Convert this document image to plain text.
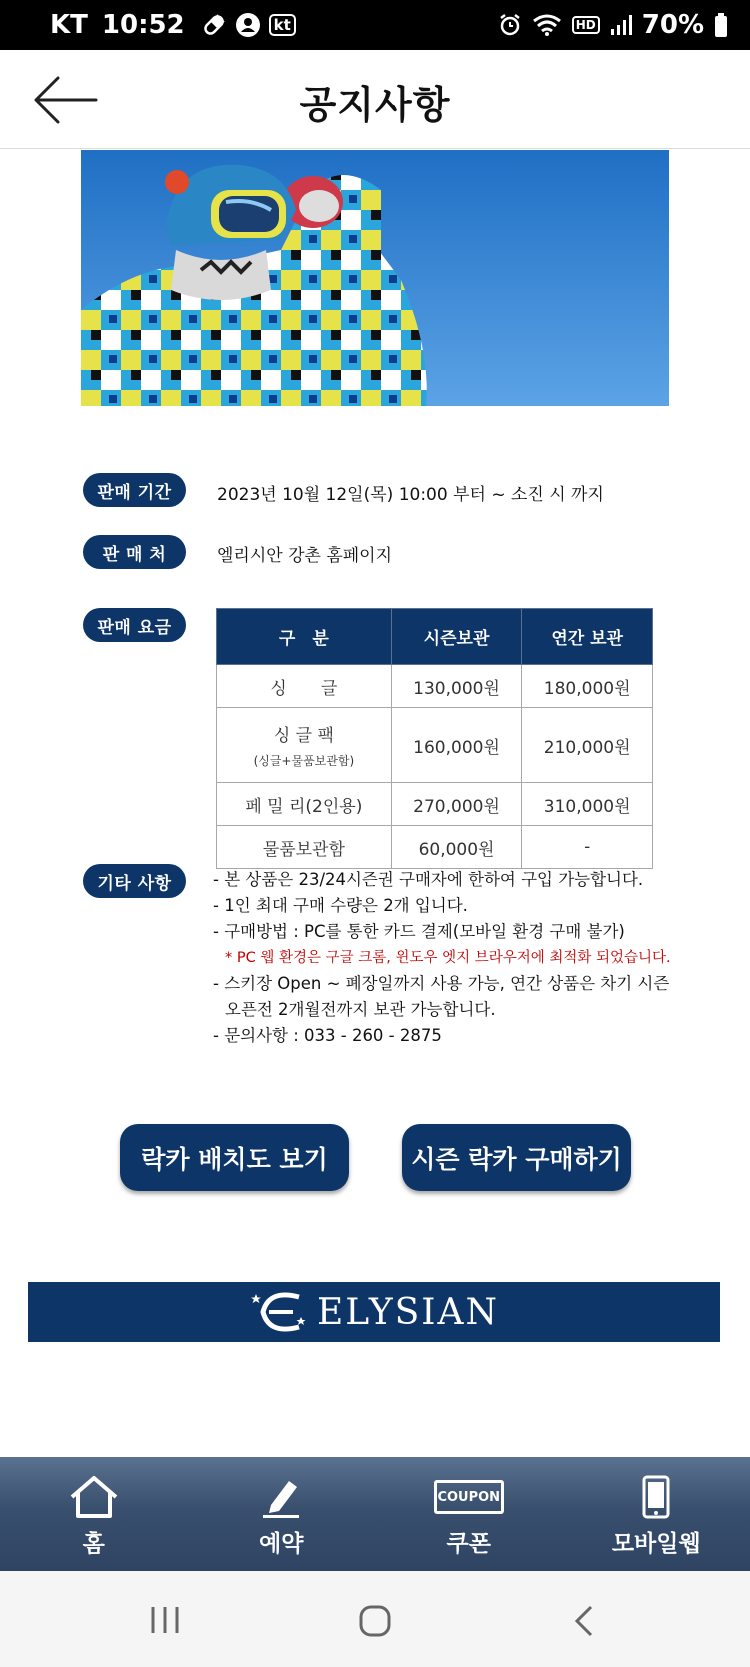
KT 10:52	kt	HD 70%
공지사항
판매 기간	2023년 10월 12일(목) 10:00 부터 ~ 소진 시 까지
판 매 처	엘리시안 강촌 홈페이지
판매 요금
구　분	시즌보관	연간 보관
싱　　글	130,000원	180,000원
싱 글 팩
(싱글+물품보관함)	160,000원	210,000원
페 밀 리(2인용)	270,000원	310,000원
물품보관함	60,000원	-
기타 사항	- 본 상품은 23/24시즌권 구매자에 한하여 구입 가능합니다.
- 1인 최대 구매 수량은 2개 입니다.
- 구매방법 : PC를 통한 카드 결제(모바일 환경 구매 불가)
* PC 웹 환경은 구글 크롬, 윈도우 엣지 브라우저에 최적화 되었습니다.
- 스키장 Open ~ 폐장일까지 사용 가능, 연간 상품은 차기 시즌
오픈전 2개월전까지 보관 가능합니다.
- 문의사항 : 033 - 260 - 2875
락카 배치도 보기	시즌 락카 구매하기
ELYSIAN
홈	예약
COUPON
쿠폰	모바일웹
